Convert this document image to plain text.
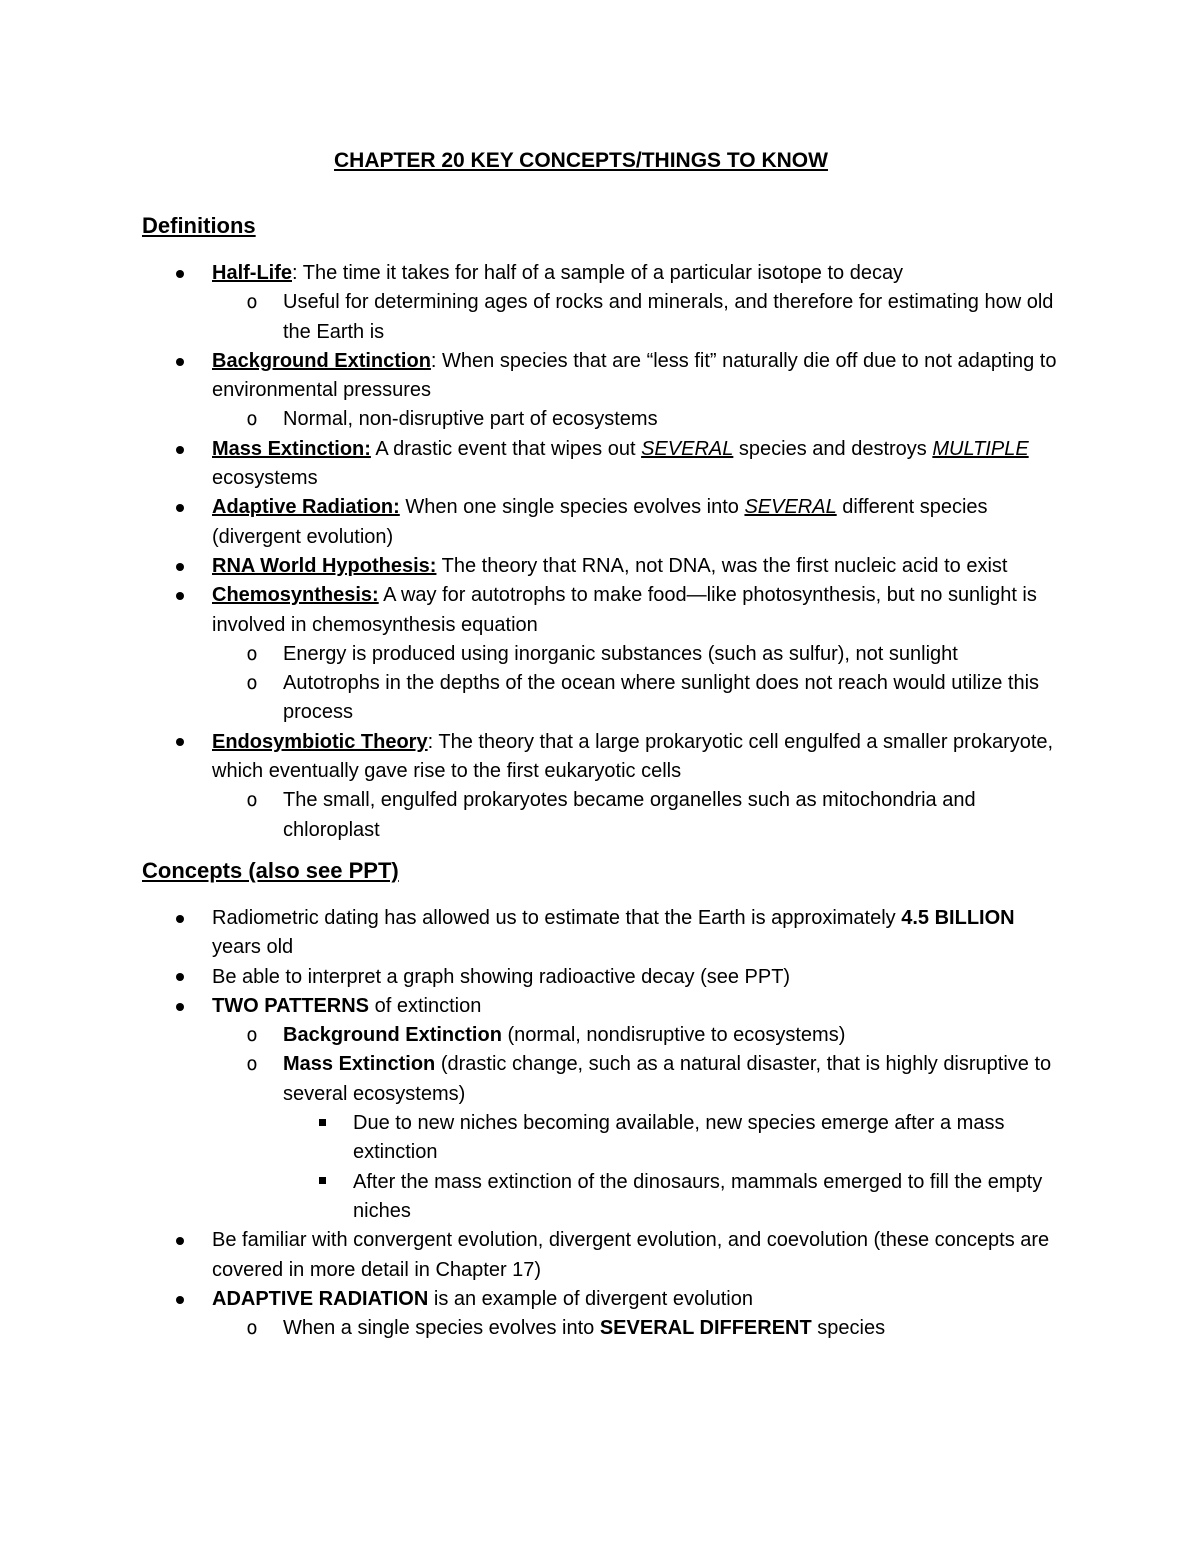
CHAPTER 20 KEY CONCEPTS/THINGS TO KNOW
Definitions
Half-Life: The time it takes for half of a sample of a particular isotope to decay
o Useful for determining ages of rocks and minerals, and therefore for estimating how old the Earth is
Background Extinction: When species that are “less fit” naturally die off due to not adapting to environmental pressures
o Normal, non-disruptive part of ecosystems
Mass Extinction: A drastic event that wipes out SEVERAL species and destroys MULTIPLE ecosystems
Adaptive Radiation: When one single species evolves into SEVERAL different species (divergent evolution)
RNA World Hypothesis: The theory that RNA, not DNA, was the first nucleic acid to exist
Chemosynthesis: A way for autotrophs to make food—like photosynthesis, but no sunlight is involved in chemosynthesis equation
o Energy is produced using inorganic substances (such as sulfur), not sunlight
o Autotrophs in the depths of the ocean where sunlight does not reach would utilize this process
Endosymbiotic Theory: The theory that a large prokaryotic cell engulfed a smaller prokaryote, which eventually gave rise to the first eukaryotic cells
o The small, engulfed prokaryotes became organelles such as mitochondria and chloroplast
Concepts (also see PPT)
Radiometric dating has allowed us to estimate that the Earth is approximately 4.5 BILLION years old
Be able to interpret a graph showing radioactive decay (see PPT)
TWO PATTERNS of extinction
o Background Extinction (normal, nondisruptive to ecosystems)
o Mass Extinction (drastic change, such as a natural disaster, that is highly disruptive to several ecosystems)
Due to new niches becoming available, new species emerge after a mass extinction
After the mass extinction of the dinosaurs, mammals emerged to fill the empty niches
Be familiar with convergent evolution, divergent evolution, and coevolution (these concepts are covered in more detail in Chapter 17)
ADAPTIVE RADIATION is an example of divergent evolution
o When a single species evolves into SEVERAL DIFFERENT species
